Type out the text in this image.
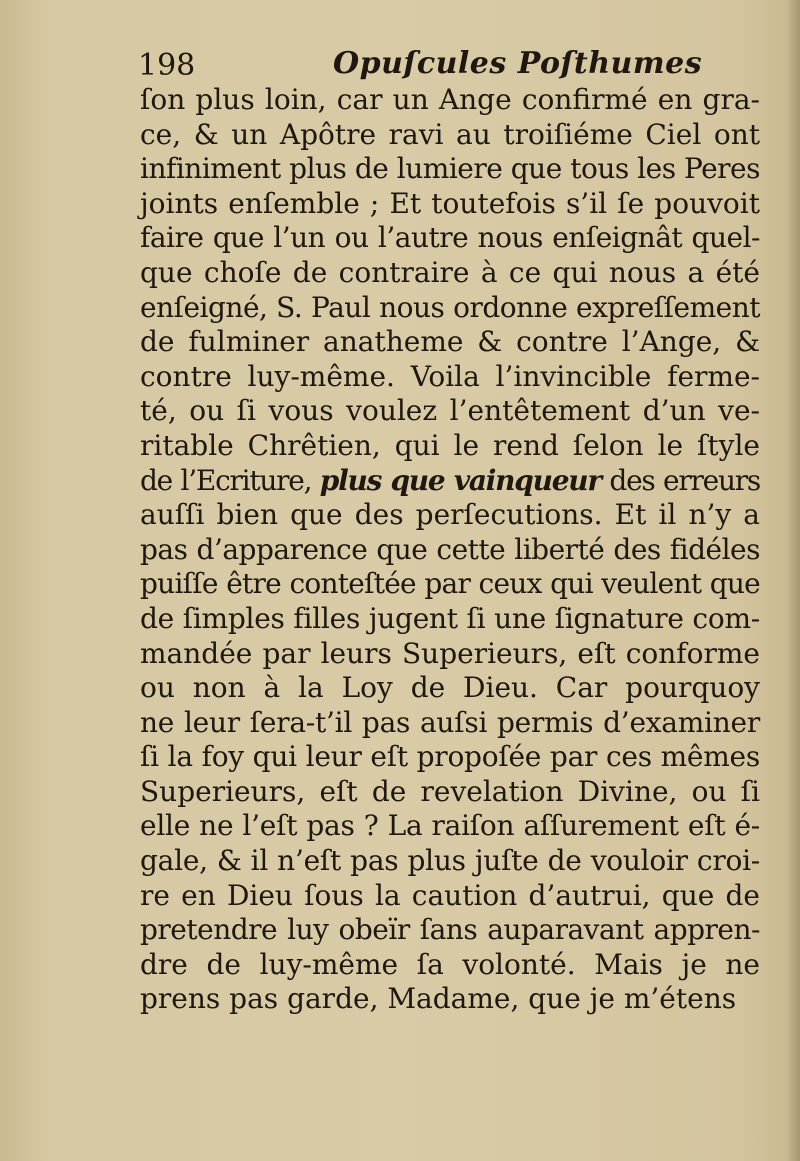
198	Opuſcules Poſthumes
ſon plus loin, car un Ange confirmé en gra-
ce, & un Apôtre ravi au troiſiéme Ciel ont
infiniment plus de lumiere que tous les Peres
joints enſemble ; Et toutefois s’il ſe pouvoit
faire que l’un ou l’autre nous enſeignât quel-
que choſe de contraire à ce qui nous a été
enſeigné, S. Paul nous ordonne expreſſement
de fulminer anatheme & contre l’Ange, &
contre luy-même. Voila l’invincible ferme-
té, ou ſi vous voulez l’entêtement d’un ve-
ritable Chrêtien, qui le rend ſelon le ſtyle
de l’Ecriture, plus que vainqueur des erreurs
auſſi bien que des perſecutions. Et il n’y a
pas d’apparence que cette liberté des fidéles
puiſſe être conteſtée par ceux qui veulent que
de ſimples filles jugent ſi une ſignature com-
mandée par leurs Superieurs, eſt conforme
ou non à la Loy de Dieu. Car pourquoy
ne leur ſera-t’il pas auſsi permis d’examiner
ſi la foy qui leur eſt propoſée par ces mêmes
Superieurs, eſt de revelation Divine, ou ſi
elle ne l’eſt pas ? La raiſon aſſurement eſt é-
gale, & il n’eſt pas plus juſte de vouloir croi-
re en Dieu ſous la caution d’autrui, que de
pretendre luy obeïr ſans auparavant appren-
dre de luy-même ſa volonté. Mais je ne
prens pas garde, Madame, que je m’étens
